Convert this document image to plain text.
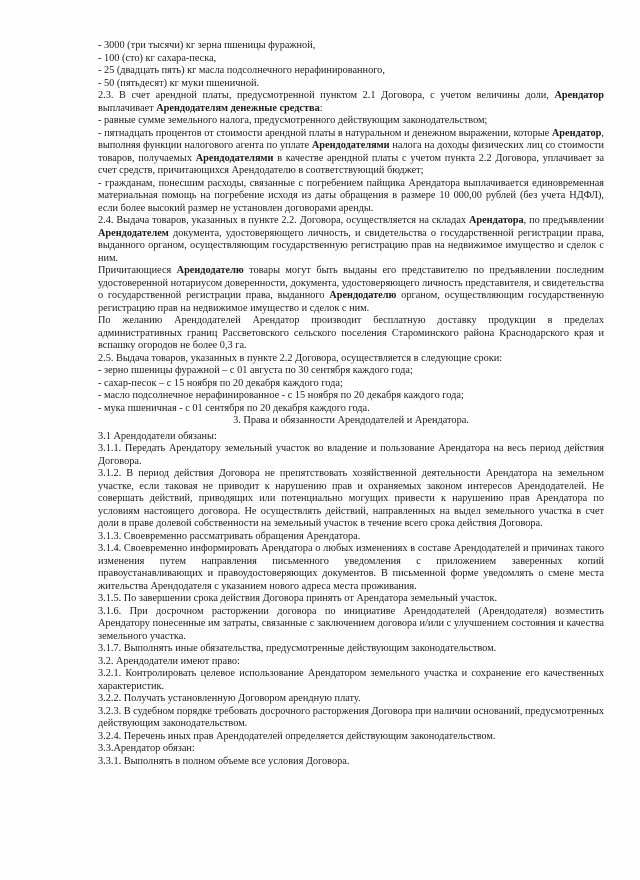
- 3000 (три тысячи) кг зерна пшеницы фуражной,

- 100 (сто) кг сахара-песка,

- 25 (двадцать пять) кг масла подсолнечного нерафинированного,

- 50 (пятьдесят) кг муки пшеничной.

2.3. В счет арендной платы, предусмотренной пунктом 2.1 Договора, с учетом величины доли, Арендатор выплачивает Арендодателям денежные средства:

- равные сумме земельного налога, предусмотренного действующим законодательством;

- пятнадцать процентов от стоимости арендной платы в натуральном и денежном выражении, которые Арендатор, выполняя функции налогового агента по уплате Арендодателями налога на доходы физических лиц со стоимости товаров, получаемых Арендодателями в качестве арендной платы с учетом пункта 2.2 Договора, уплачивает за счет средств, причитающихся Арендодателю в соответствующий бюджет;

- гражданам, понесшим расходы, связанные с погребением пайщика Арендатора выплачивается единовременная материальная помощь на погребение исходя из даты обращения в размере 10 000,00 рублей (без учета НДФЛ), если более высокий размер не установлен договорами аренды.

2.4. Выдача товаров, указанных в пункте 2.2. Договора, осуществляется на складах Арендатора, по предъявлении Арендодателем документа, удостоверяющего личность, и свидетельства о государственной регистрации права, выданного органом, осуществляющим государственную регистрацию прав на недвижимое имущество и сделок с ним.

Причитающиеся Арендодателю товары могут быть выданы его представителю по предъявлении последним удостоверенной нотариусом доверенности, документа, удостоверяющего личность представителя, и свидетельства о государственной регистрации права, выданного Арендодателю органом, осуществляющим государственную регистрацию прав на недвижимое имущество и сделок с ним.

По желанию Арендодателей Арендатор производит бесплатную доставку продукции в пределах административных границ Рассветовского сельского поселения Староминского района Краснодарского края и вспашку огородов не более 0,3 га.

2.5. Выдача товаров, указанных в пункте 2.2 Договора, осуществляется в следующие сроки:

- зерно пшеницы фуражной – с 01 августа по 30 сентября каждого года;

- сахар-песок – с 15 ноября по 20 декабря каждого года;

- масло подсолнечное нерафинированное - с 15 ноября по 20 декабря каждого года;

- мука пшеничная - с 01 сентября по 20 декабря каждого года.

3. Права и обязанности Арендодателей и Арендатора.

3.1 Арендодатели обязаны:

3.1.1. Передать Арендатору земельный участок во владение и пользование Арендатора на весь период действия Договора.

3.1.2. В период действия Договора не препятствовать хозяйственной деятельности Арендатора на земельном участке, если таковая не приводит к нарушению прав и охраняемых законом интересов Арендодателей. Не совершать действий, приводящих или потенциально могущих привести к нарушению прав Арендатора по условиям настоящего договора. Не осуществлять действий, направленных на выдел земельного участка в счет доли в праве долевой собственности на земельный участок в течение всего срока действия Договора.

3.1.3. Своевременно рассматривать обращения Арендатора.

3.1.4. Своевременно информировать Арендатора о любых изменениях в составе Арендодателей и причинах такого изменения путем направления письменного уведомления с приложением заверенных копий правоустанавливающих и правоудостоверяющих документов. В письменной форме уведомлять о смене места жительства Арендодателя с указанием нового адреса места проживания.

3.1.5. По завершении срока действия Договора принять от Арендатора земельный участок.

3.1.6. При досрочном расторжении договора по инициативе Арендодателей (Арендодателя) возместить Арендатору понесенные им затраты, связанные с заключением договора и/или с улучшением состояния и качества земельного участка.

3.1.7. Выполнять иные обязательства, предусмотренные действующим законодательством.

3.2. Арендодатели имеют право:

3.2.1. Контролировать целевое использование Арендатором земельного участка и сохранение его качественных характеристик.

3.2.2. Получать установленную Договором арендную плату.

3.2.3. В судебном порядке требовать досрочного расторжения Договора при наличии оснований, предусмотренных действующим законодательством.

3.2.4. Перечень иных прав Арендодателей определяется действующим законодательством.

3.3.Арендатор обязан:

3.3.1. Выполнять в полном объеме все условия Договора.
